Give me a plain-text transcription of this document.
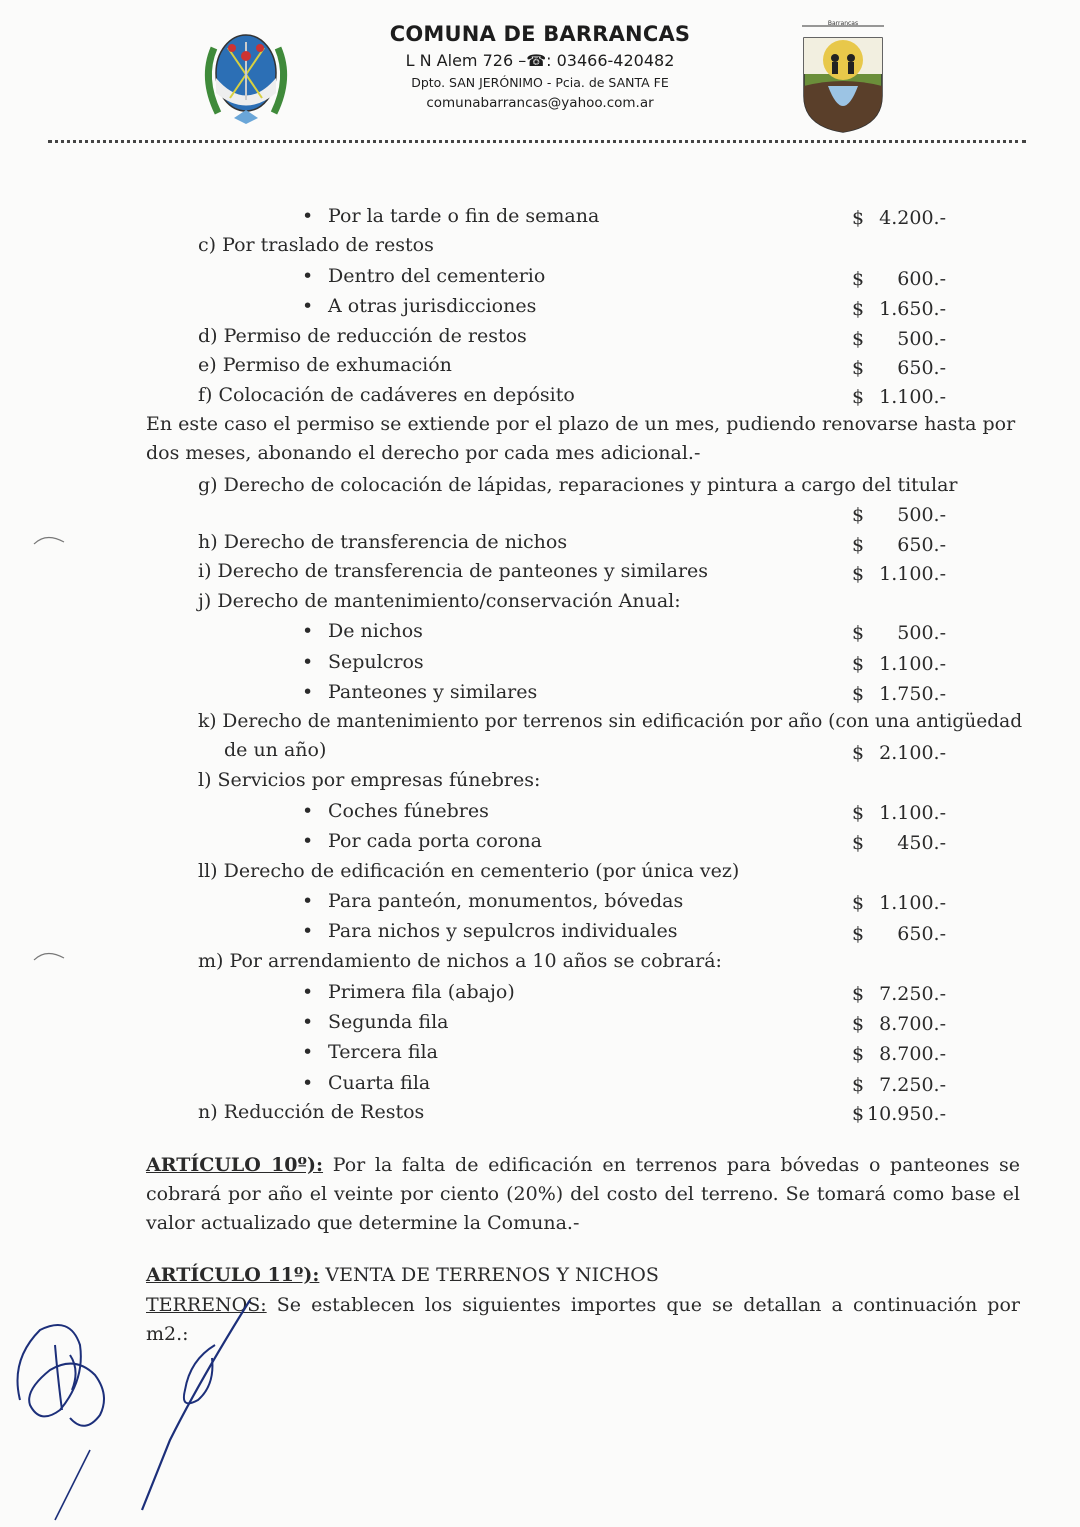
COMUNA DE BARRANCAS
L N Alem 726 –☎: 03466-420482
Dpto. SAN JERÓNIMO - Pcia. de SANTA FE
comunabarrancas@yahoo.com.ar
Barrancas
• Por la tarde o fin de semana	$ 4.200.-
c) Por traslado de restos
• Dentro del cementerio	$	600.-
• A otras jurisdicciones	$ 1.650.-
d) Permiso de reducción de restos	$	500.-
e) Permiso de exhumación	$	650.-
f) Colocación de cadáveres en depósito	$ 1.100.-
En este caso el permiso se extiende por el plazo de un mes, pudiendo renovarse hasta por dos meses, abonando el derecho por cada mes adicional.-
g) Derecho de colocación de lápidas, reparaciones y pintura a cargo del titular
$	500.-
h) Derecho de transferencia de nichos	$	650.-
i) Derecho de transferencia de panteones y similares	$ 1.100.-
j) Derecho de mantenimiento/conservación Anual:
• De nichos	$	500.-
• Sepulcros	$ 1.100.-
• Panteones y similares	$ 1.750.-
k) Derecho de mantenimiento por terrenos sin edificación por año (con una antigüedad
de un año)	$ 2.100.-
l) Servicios por empresas fúnebres:
• Coches fúnebres	$ 1.100.-
• Por cada porta corona	$	450.-
ll) Derecho de edificación en cementerio (por única vez)
• Para panteón, monumentos, bóvedas	$ 1.100.-
• Para nichos y sepulcros individuales	$	650.-
m) Por arrendamiento de nichos a 10 años se cobrará:
• Primera fila (abajo)	$ 7.250.-
• Segunda fila	$ 8.700.-
• Tercera fila	$ 8.700.-
• Cuarta fila	$ 7.250.-
n) Reducción de Restos	$ 10.950.-
ARTÍCULO 10º): Por la falta de edificación en terrenos para bóvedas o panteones se cobrará por año el veinte por ciento (20%) del costo del terreno. Se tomará como base el valor actualizado que determine la Comuna.-
ARTÍCULO 11º): VENTA DE TERRENOS Y NICHOS
TERRENOS: Se establecen los siguientes importes que se detallan a continuación por m2.:
